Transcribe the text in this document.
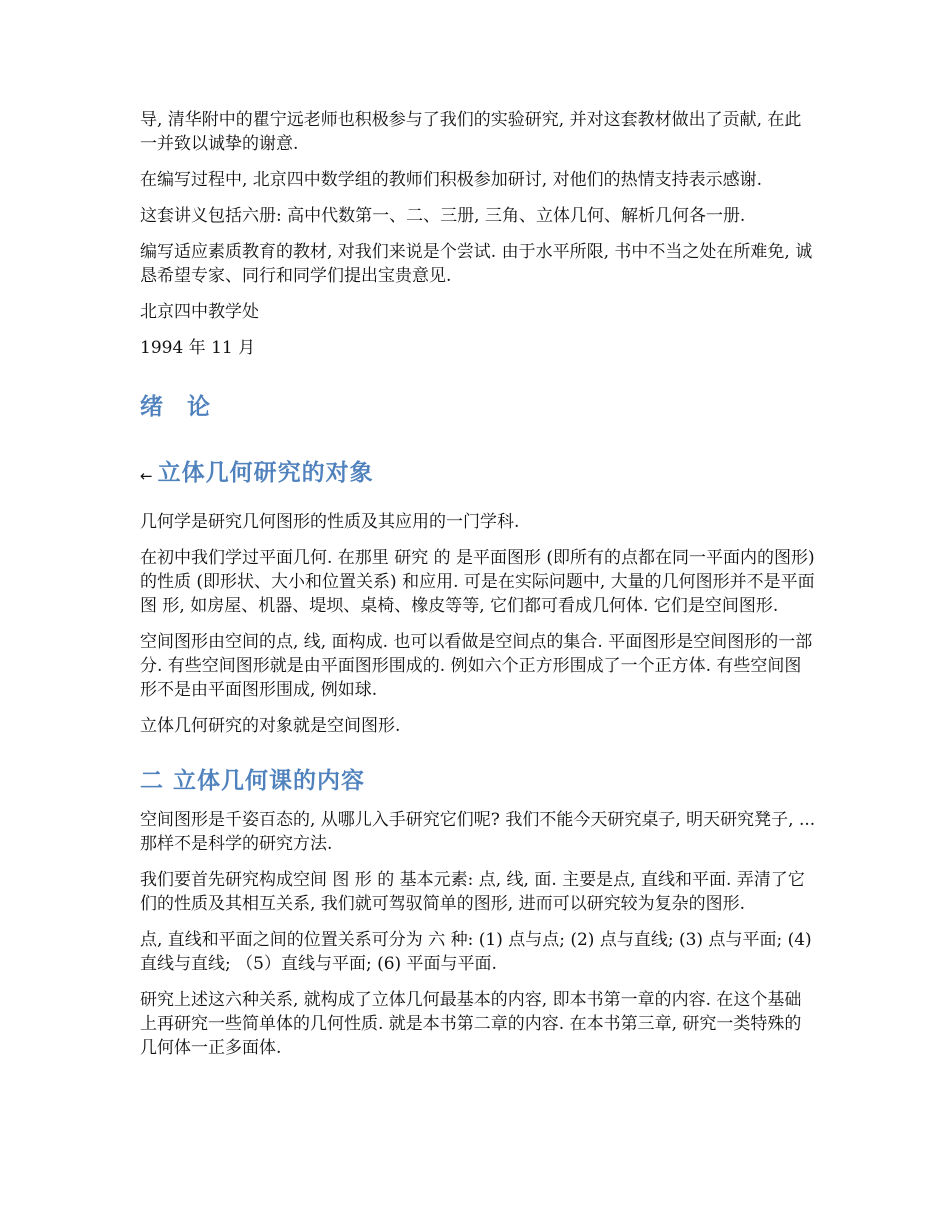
导, 清华附中的瞿宁远老师也积极参与了我们的实验研究, 并对这套教材做出了贡献, 在此一并致以诚挚的谢意.

在编写过程中, 北京四中数学组的教师们积极参加研讨, 对他们的热情支持表示感谢.

这套讲义包括六册: 高中代数第一、二、三册, 三角、立体几何、解析几何各一册.

编写适应素质教育的教材, 对我们来说是个尝试. 由于水平所限, 书中不当之处在所难免, 诚恳希望专家、同行和同学们提出宝贵意见.

北京四中教学处

1994 年 11 月

绪 论
← 立体几何研究的对象

几何学是研究几何图形的性质及其应用的一门学科.

在初中我们学过平面几何. 在那里 研究 的 是平面图形 (即所有的点都在同一平面内的图形) 的性质 (即形状、大小和位置关系) 和应用. 可是在实际问题中, 大量的几何图形并不是平面图 形, 如房屋、机器、堤坝、桌椅、橡皮等等, 它们都可看成几何体. 它们是空间图形.

空间图形由空间的点, 线, 面构成. 也可以看做是空间点的集合. 平面图形是空间图形的一部分. 有些空间图形就是由平面图形围成的. 例如六个正方形围成了一个正方体. 有些空间图形不是由平面图形围成, 例如球.

立体几何研究的对象就是空间图形.

二 立体几何课的内容

空间图形是千姿百态的, 从哪儿入手研究它们呢? 我们不能今天研究桌子, 明天研究凳子, ...那样不是科学的研究方法.

我们要首先研究构成空间 图 形 的 基本元素: 点, 线, 面. 主要是点, 直线和平面. 弄清了它们的性质及其相互关系, 我们就可驾驭简单的图形, 进而可以研究较为复杂的图形.

点, 直线和平面之间的位置关系可分为 六 种: (1) 点与点; (2) 点与直线; (3) 点与平面; (4) 直线与直线; （5）直线与平面; (6) 平面与平面.

研究上述这六种关系, 就构成了立体几何最基本的内容, 即本书第一章的内容. 在这个基础上再研究一些简单体的几何性质. 就是本书第二章的内容. 在本书第三章, 研究一类特殊的几何体一正多面体.
